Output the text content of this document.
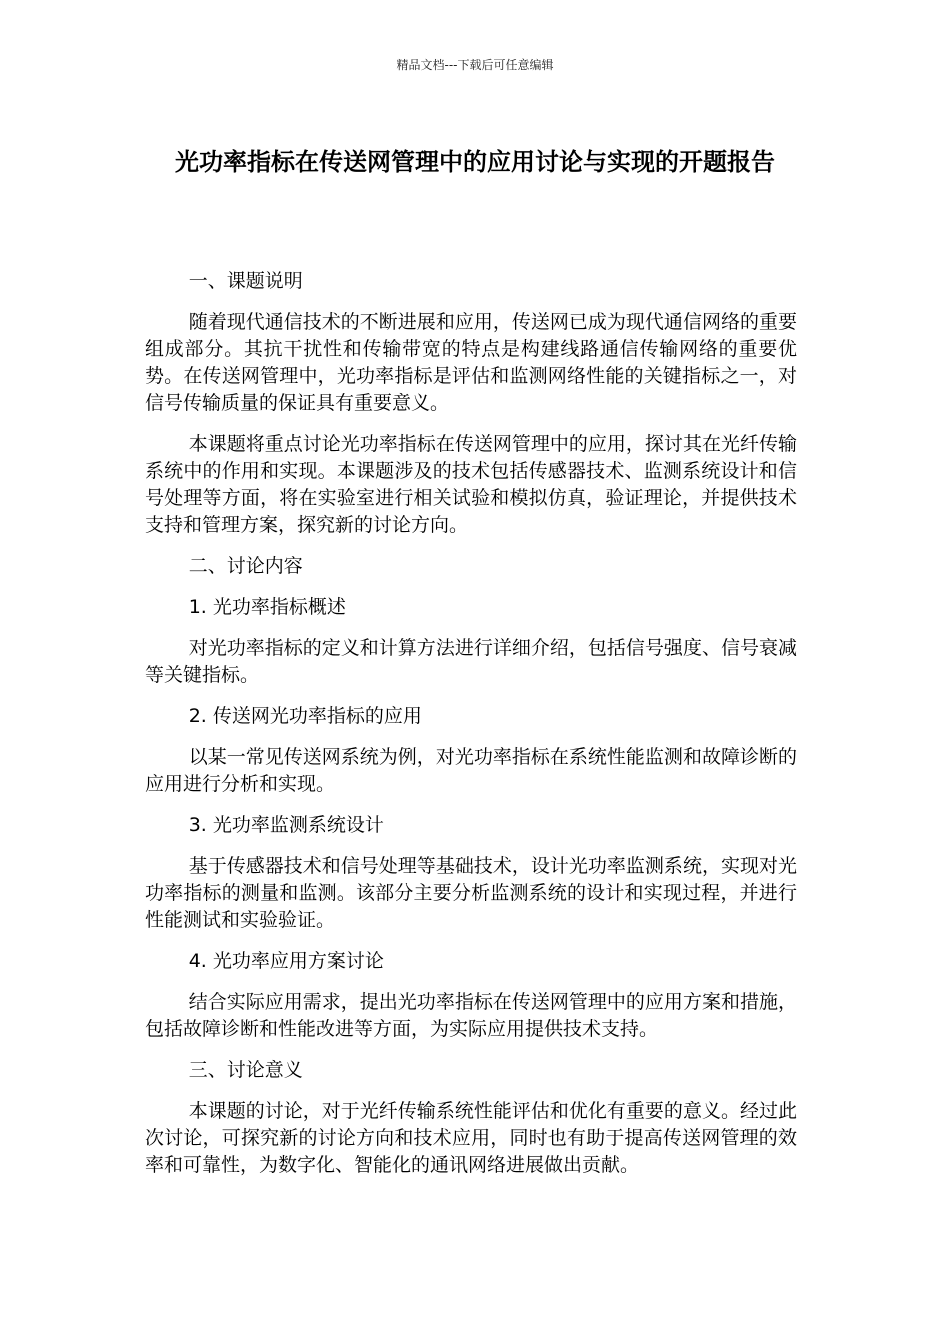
精品文档---下载后可任意编辑
光功率指标在传送网管理中的应用讨论与实现的开题报告

一、课题说明

随着现代通信技术的不断进展和应用，传送网已成为现代通信网络的重要组成部分。其抗干扰性和传输带宽的特点是构建线路通信传输网络的重要优势。在传送网管理中，光功率指标是评估和监测网络性能的关键指标之一，对信号传输质量的保证具有重要意义。

本课题将重点讨论光功率指标在传送网管理中的应用，探讨其在光纤传输系统中的作用和实现。本课题涉及的技术包括传感器技术、监测系统设计和信号处理等方面，将在实验室进行相关试验和模拟仿真，验证理论，并提供技术支持和管理方案，探究新的讨论方向。

二、讨论内容

1. 光功率指标概述

对光功率指标的定义和计算方法进行详细介绍，包括信号强度、信号衰减等关键指标。

2. 传送网光功率指标的应用

以某一常见传送网系统为例，对光功率指标在系统性能监测和故障诊断的应用进行分析和实现。

3. 光功率监测系统设计

基于传感器技术和信号处理等基础技术，设计光功率监测系统，实现对光功率指标的测量和监测。该部分主要分析监测系统的设计和实现过程，并进行性能测试和实验验证。

4. 光功率应用方案讨论

结合实际应用需求，提出光功率指标在传送网管理中的应用方案和措施，包括故障诊断和性能改进等方面，为实际应用提供技术支持。

三、讨论意义

本课题的讨论，对于光纤传输系统性能评估和优化有重要的意义。经过此次讨论，可探究新的讨论方向和技术应用，同时也有助于提高传送网管理的效率和可靠性，为数字化、智能化的通讯网络进展做出贡献。
